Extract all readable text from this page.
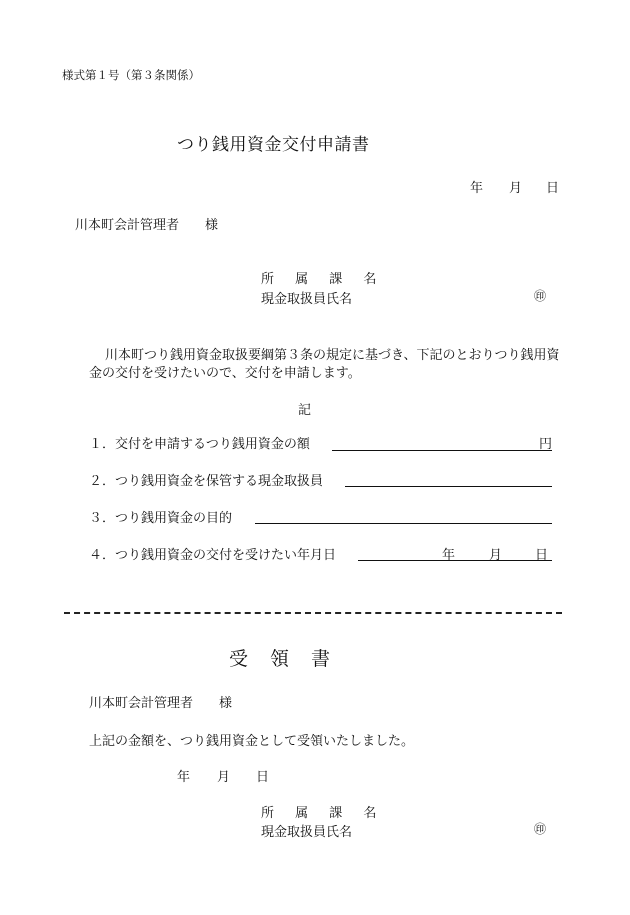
様式第１号（第３条関係）
つり銭用資金交付申請書
年 月 日
川本町会計管理者　　様
所 属 課 名
現金取扱員氏名	㊞
川本町つり銭用資金取扱要綱第３条の規定に基づき、下記のとおりつり銭用資
金の交付を受けたいので、交付を申請します。
記
１．交付を申請するつり銭用資金の額	円
２．つり銭用資金を保管する現金取扱員
３．つり銭用資金の目的
４．つり銭用資金の交付を受けたい年月日	年	月	日
受領書
川本町会計管理者　　様
上記の金額を、つり銭用資金として受領いたしました。
年 月 日
所 属 課 名
現金取扱員氏名	㊞
